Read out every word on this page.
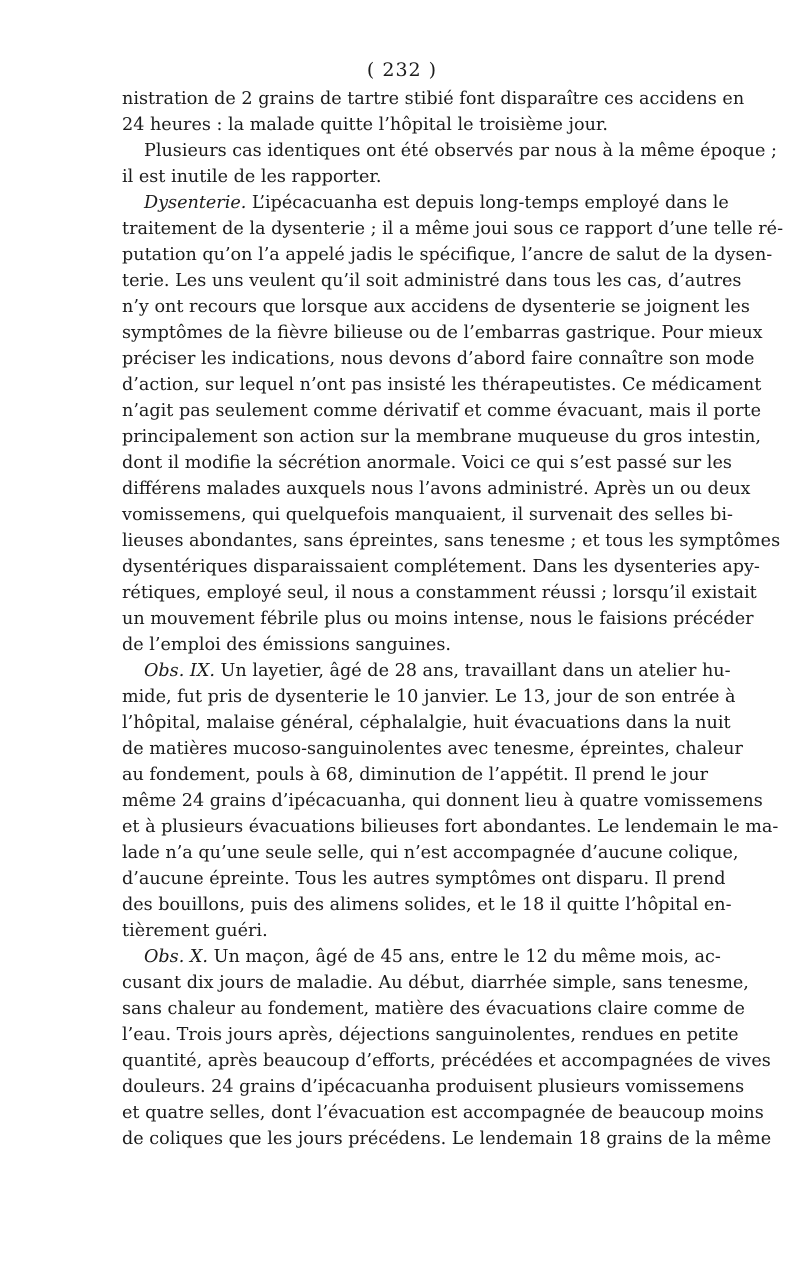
( 232 )

nistration de 2 grains de tartre stibié font disparaître ces accidens en
24 heures : la malade quitte l’hôpital le troisième jour.

Plusieurs cas identiques ont été observés par nous à la même époque ;
il est inutile de les rapporter.

Dysenterie. L’ipécacuanha est depuis long-temps employé dans le
traitement de la dysenterie ; il a même joui sous ce rapport d’une telle ré-
putation qu’on l’a appelé jadis le spécifique, l’ancre de salut de la dysen-
terie. Les uns veulent qu’il soit administré dans tous les cas, d’autres
n’y ont recours que lorsque aux accidens de dysenterie se joignent les
symptômes de la fièvre bilieuse ou de l’embarras gastrique. Pour mieux
préciser les indications, nous devons d’abord faire connaître son mode
d’action, sur lequel n’ont pas insisté les thérapeutistes. Ce médicament
n’agit pas seulement comme dérivatif et comme évacuant, mais il porte
principalement son action sur la membrane muqueuse du gros intestin,
dont il modifie la sécrétion anormale. Voici ce qui s’est passé sur les
différens malades auxquels nous l’avons administré. Après un ou deux
vomissemens, qui quelquefois manquaient, il survenait des selles bi-
lieuses abondantes, sans épreintes, sans tenesme ; et tous les symptômes
dysentériques disparaissaient complétement. Dans les dysenteries apy-
rétiques, employé seul, il nous a constamment réussi ; lorsqu’il existait
un mouvement fébrile plus ou moins intense, nous le faisions précéder
de l’emploi des émissions sanguines.

Obs. IX. Un layetier, âgé de 28 ans, travaillant dans un atelier hu-
mide, fut pris de dysenterie le 10 janvier. Le 13, jour de son entrée à
l’hôpital, malaise général, céphalalgie, huit évacuations dans la nuit
de matières mucoso-sanguinolentes avec tenesme, épreintes, chaleur
au fondement, pouls à 68, diminution de l’appétit. Il prend le jour
même 24 grains d’ipécacuanha, qui donnent lieu à quatre vomissemens
et à plusieurs évacuations bilieuses fort abondantes. Le lendemain le ma-
lade n’a qu’une seule selle, qui n’est accompagnée d’aucune colique,
d’aucune épreinte. Tous les autres symptômes ont disparu. Il prend
des bouillons, puis des alimens solides, et le 18 il quitte l’hôpital en-
tièrement guéri.

Obs. X. Un maçon, âgé de 45 ans, entre le 12 du même mois, ac-
cusant dix jours de maladie. Au début, diarrhée simple, sans tenesme,
sans chaleur au fondement, matière des évacuations claire comme de
l’eau. Trois jours après, déjections sanguinolentes, rendues en petite
quantité, après beaucoup d’efforts, précédées et accompagnées de vives
douleurs. 24 grains d’ipécacuanha produisent plusieurs vomissemens
et quatre selles, dont l’évacuation est accompagnée de beaucoup moins
de coliques que les jours précédens. Le lendemain 18 grains de la même
